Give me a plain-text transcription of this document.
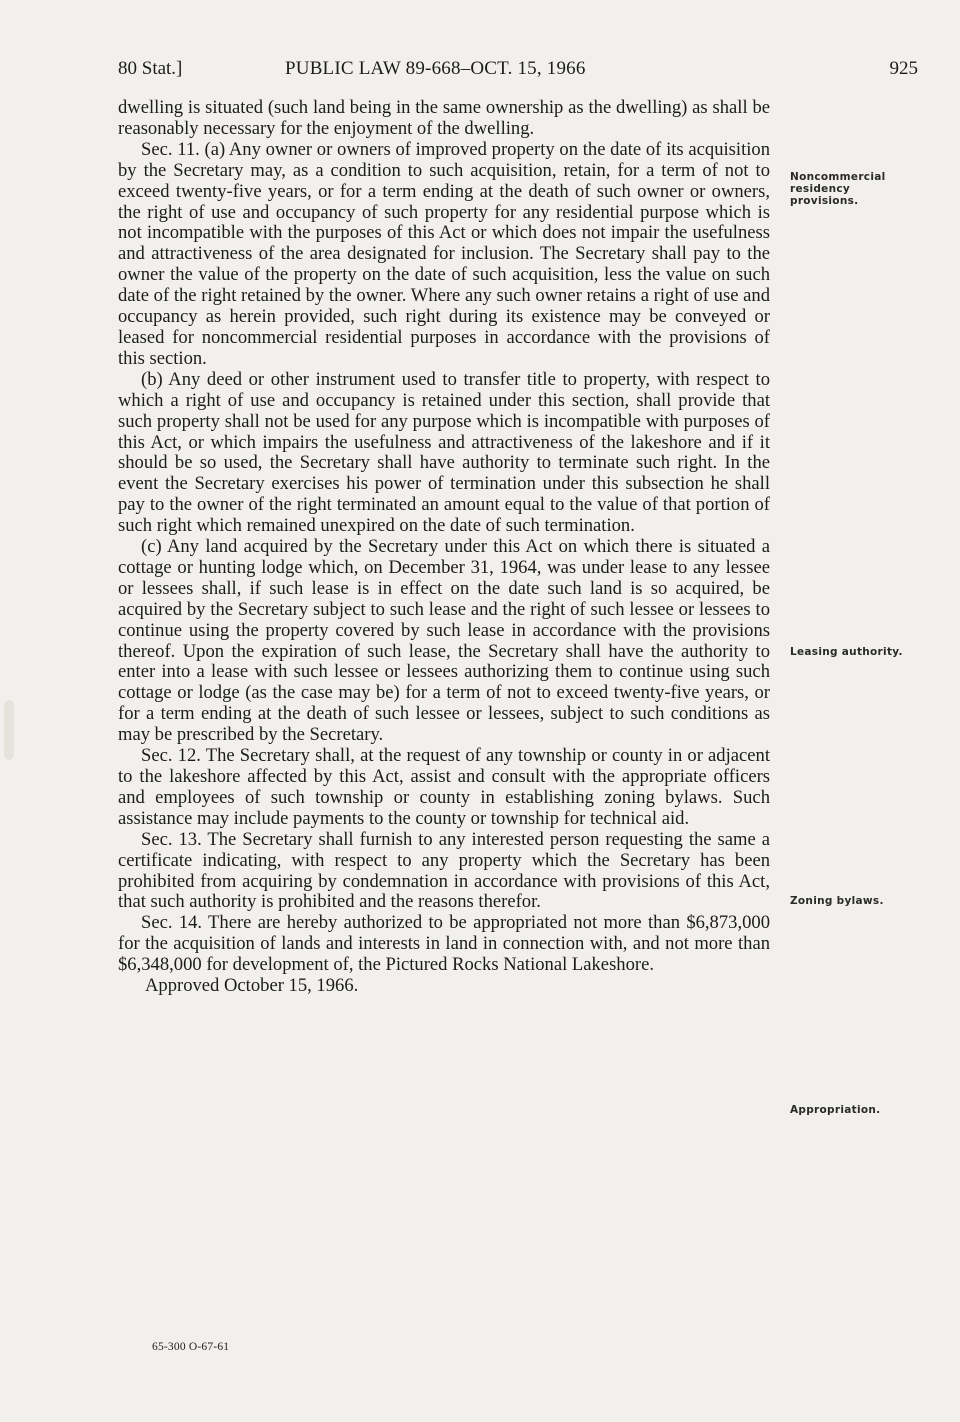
80 Stat.]	PUBLIC LAW 89-668–OCT. 15, 1966	925

dwelling is situated (such land being in the same ownership as the dwelling) as shall be reasonably necessary for the enjoyment of the dwelling.

Sec. 11. (a) Any owner or owners of improved property on the date of its acquisition by the Secretary may, as a condition to such acquisition, retain, for a term of not to exceed twenty-five years, or for a term ending at the death of such owner or owners, the right of use and occupancy of such property for any residential purpose which is not incompatible with the purposes of this Act or which does not impair the usefulness and attractiveness of the area designated for inclusion. The Secretary shall pay to the owner the value of the property on the date of such acquisition, less the value on such date of the right retained by the owner. Where any such owner retains a right of use and occupancy as herein provided, such right during its existence may be conveyed or leased for noncommercial residential purposes in accordance with the provisions of this section.

(b) Any deed or other instrument used to transfer title to property, with respect to which a right of use and occupancy is retained under this section, shall provide that such property shall not be used for any purpose which is incompatible with purposes of this Act, or which impairs the usefulness and attractiveness of the lakeshore and if it should be so used, the Secretary shall have authority to terminate such right. In the event the Secretary exercises his power of termination under this subsection he shall pay to the owner of the right terminated an amount equal to the value of that portion of such right which remained unexpired on the date of such termination.

(c) Any land acquired by the Secretary under this Act on which there is situated a cottage or hunting lodge which, on December 31, 1964, was under lease to any lessee or lessees shall, if such lease is in effect on the date such land is so acquired, be acquired by the Secretary subject to such lease and the right of such lessee or lessees to continue using the property covered by such lease in accordance with the provisions thereof. Upon the expiration of such lease, the Secretary shall have the authority to enter into a lease with such lessee or lessees authorizing them to continue using such cottage or lodge (as the case may be) for a term of not to exceed twenty-five years, or for a term ending at the death of such lessee or lessees, subject to such conditions as may be prescribed by the Secretary.

Sec. 12. The Secretary shall, at the request of any township or county in or adjacent to the lakeshore affected by this Act, assist and consult with the appropriate officers and employees of such township or county in establishing zoning bylaws. Such assistance may include payments to the county or township for technical aid.

Sec. 13. The Secretary shall furnish to any interested person requesting the same a certificate indicating, with respect to any property which the Secretary has been prohibited from acquiring by condemnation in accordance with provisions of this Act, that such authority is prohibited and the reasons therefor.

Sec. 14. There are hereby authorized to be appropriated not more than $6,873,000 for the acquisition of lands and interests in land in connection with, and not more than $6,348,000 for development of, the Pictured Rocks National Lakeshore.

Approved October 15, 1966.

Noncommercial residency provisions.
Leasing authority.
Zoning bylaws.
Appropriation.
65-300 O-67-61
